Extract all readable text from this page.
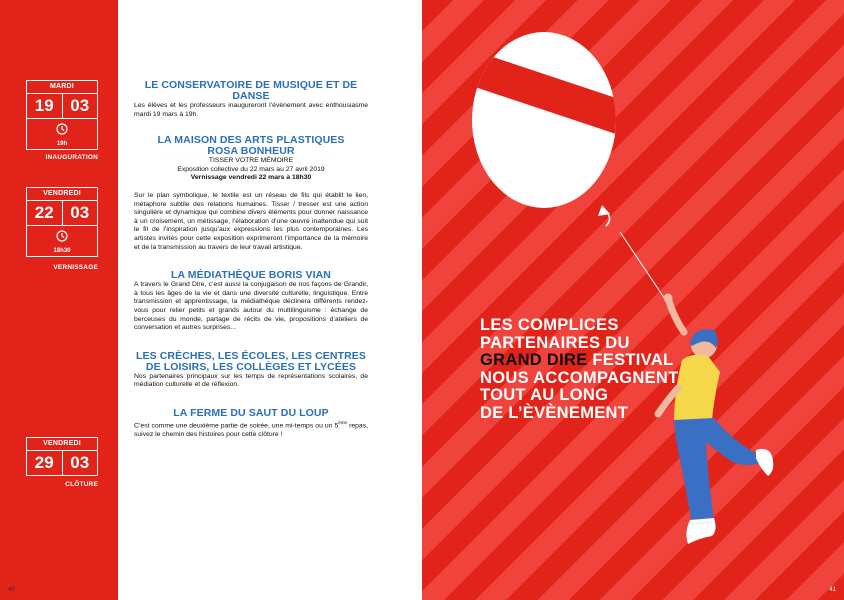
MARDI
19 03
19h
INAUGURATION
VENDREDI
22 03
18h30
VERNISSAGE
VENDREDI
29 03
CLÔTURE
40
LE CONSERVATOIRE DE MUSIQUE ET DE DANSE

Les élèves et les professeurs inaugureront l’évènement avec enthousiasme mardi 19 mars à 19h.

LA MAISON DES ARTS PLASTIQUES
ROSA BONHEUR

TISSER VOTRE MÉMOIRE

Exposition collective du 22 mars au 27 avril 2019

Vernissage vendredi 22 mars à 18h30

Sur le plan symbolique, le textile est un réseau de fils qui établit le lien, métaphore subtile des relations humaines. Tisser / tresser est une action singulière et dynamique qui combine divers éléments pour donner naissance à un croisement, un métissage, l’élaboration d’une œuvre inattendue qui suit le fil de l’inspiration jusqu’aux expressions les plus contemporaines. Les artistes invités pour cette exposition exprimeront l’importance de la mémoire et de la transmission au travers de leur travail artistique.

LA MÉDIATHÈQUE BORIS VIAN

A travers le Grand Dire, c’est aussi la conjugaison de nos façons de Grandir, à tous les âges de la vie et dans une diversité culturelle, linguistique. Entre transmission et apprentissage, la médiathèque déclinera différents rendez-vous pour relier petits et grands autour du multilinguisme : échange de berceuses du monde, partage de récits de vie, propositions d’ateliers de conversation et autres surprises...

LES CRÈCHES, LES ÉCOLES, LES CENTRES
DE LOISIRS, LES COLLÈGES ET LYCÉES

Nos partenaires principaux sur les temps de représentations scolaires, de médiation culturelle et de réflexion.

LA FERME DU SAUT DU LOUP

C’est comme une deuxième partie de soirée, une mi-temps ou un 5ème repas, suivez le chemin des histoires pour cette clôture !

LES COMPLICES
PARTENAIRES DU
GRAND DIRE FESTIVAL
NOUS ACCOMPAGNENT
TOUT AU LONG
DE L’ÈVÈNEMENT
41
